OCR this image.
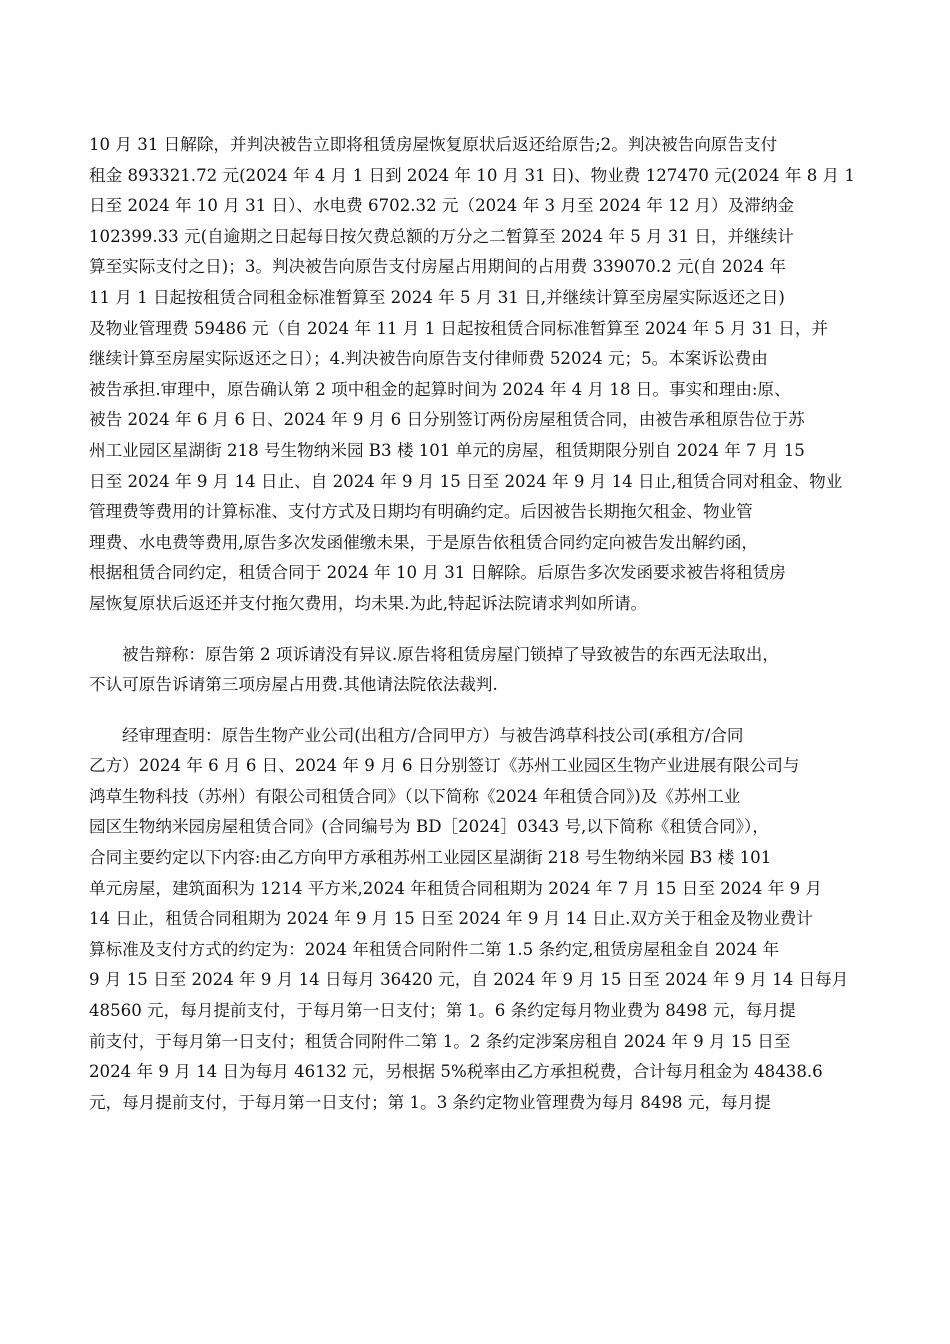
10 月 31 日解除，并判决被告立即将租赁房屋恢复原状后返还给原告;2。判决被告向原告支付
租金 893321.72 元(2024 年 4 月 1 日到 2024 年 10 月 31 日)、物业费 127470 元(2024 年 8 月 1
日至 2024 年 10 月 31 日）、水电费 6702.32 元（2024 年 3 月至 2024 年 12 月）及滞纳金
102399.33 元(自逾期之日起每日按欠费总额的万分之二暂算至 2024 年 5 月 31 日，并继续计
算至实际支付之日)；3。判决被告向原告支付房屋占用期间的占用费 339070.2 元(自 2024 年
11 月 1 日起按租赁合同租金标准暂算至 2024 年 5 月 31 日,并继续计算至房屋实际返还之日)
及物业管理费 59486 元（自 2024 年 11 月 1 日起按租赁合同标准暂算至 2024 年 5 月 31 日，并
继续计算至房屋实际返还之日）；4.判决被告向原告支付律师费 52024 元；5。本案诉讼费由
被告承担.审理中，原告确认第 2 项中租金的起算时间为 2024 年 4 月 18 日。事实和理由:原、
被告 2024 年 6 月 6 日、2024 年 9 月 6 日分别签订两份房屋租赁合同，由被告承租原告位于苏
州工业园区星湖街 218 号生物纳米园 B3 楼 101 单元的房屋，租赁期限分别自 2024 年 7 月 15
日至 2024 年 9 月 14 日止、自 2024 年 9 月 15 日至 2024 年 9 月 14 日止,租赁合同对租金、物业
管理费等费用的计算标准、支付方式及日期均有明确约定。后因被告长期拖欠租金、物业管
理费、水电费等费用,原告多次发函催缴未果，于是原告依租赁合同约定向被告发出解约函，
根据租赁合同约定，租赁合同于 2024 年 10 月 31 日解除。后原告多次发函要求被告将租赁房
屋恢复原状后返还并支付拖欠费用，均未果.为此,特起诉法院请求判如所请。
被告辩称：原告第 2 项诉请没有异议.原告将租赁房屋门锁掉了导致被告的东西无法取出，
不认可原告诉请第三项房屋占用费.其他请法院依法裁判.
经审理查明：原告生物产业公司(出租方/合同甲方）与被告鸿草科技公司(承租方/合同
乙方）2024 年 6 月 6 日、2024 年 9 月 6 日分别签订《苏州工业园区生物产业进展有限公司与
鸿草生物科技（苏州）有限公司租赁合同》（以下简称《2024 年租赁合同》)及《苏州工业
园区生物纳米园房屋租赁合同》(合同编号为 BD［2024］0343 号,以下简称《租赁合同》），
合同主要约定以下内容:由乙方向甲方承租苏州工业园区星湖街 218 号生物纳米园 B3 楼 101
单元房屋，建筑面积为 1214 平方米,2024 年租赁合同租期为 2024 年 7 月 15 日至 2024 年 9 月
14 日止，租赁合同租期为 2024 年 9 月 15 日至 2024 年 9 月 14 日止.双方关于租金及物业费计
算标准及支付方式的约定为：2024 年租赁合同附件二第 1.5 条约定,租赁房屋租金自 2024 年
9 月 15 日至 2024 年 9 月 14 日每月 36420 元，自 2024 年 9 月 15 日至 2024 年 9 月 14 日每月
48560 元，每月提前支付，于每月第一日支付；第 1。6 条约定每月物业费为 8498 元，每月提
前支付，于每月第一日支付；租赁合同附件二第 1。2 条约定涉案房租自 2024 年 9 月 15 日至
2024 年 9 月 14 日为每月 46132 元，另根据 5%税率由乙方承担税费，合计每月租金为 48438.6
元，每月提前支付，于每月第一日支付；第 1。3 条约定物业管理费为每月 8498 元，每月提
